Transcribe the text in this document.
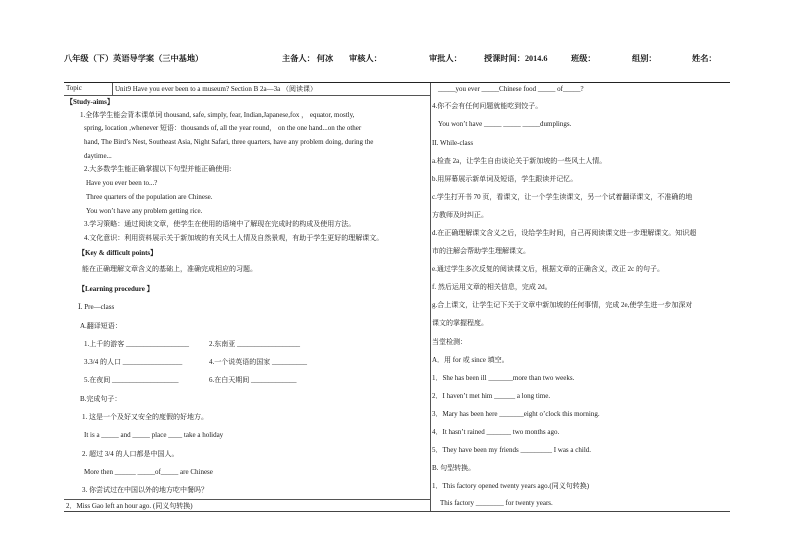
八年级（下）英语导学案（三中基地）	主备人： 何冰 审核人：	审批人：	授课时间：2014.6	班级：	组别：	姓名：
Topic	Unit9 Have you ever been to a museum? Section B 2a—3a （阅读课）
【Study-aims】
1.全体学生能会背本课单词 thousand, safe, simply, fear, Indian,Japanese,fox ， equator, mostly,
spring, location ,whenever 短语：thousands of, all the year round， on the one hand...on the other
hand, The Bird’s Nest, Southeast Asia, Night Safari, three quarters, have any problem doing, during the
daytime...
2.大多数学生能正确掌握以下句型并能正确使用:
Have you ever been to...?
Three quarters of the population are Chinese.
You won’t have any problem getting rice.
3.学习策略：通过阅读文章，使学生在使用的语境中了解现在完成时的构成及使用方法。
4.文化意识：利用资料展示关于新加坡的有关风土人情及自然景观，有助于学生更好的理解课文。
【Key & difficult points】
能在正确理解文章含义的基础上，准确完成相应的习题。
【Learning procedure 】
Ⅰ. Pre—class
A.翻译短语：
1.上千的游客 __________________	2.东南亚 __________________
3.3/4 的人口 _________________	4.一个说英语的国家 __________
5.在夜间 ___________________	6.在白天期间 _____________
B.完成句子：
1. 这是一个及好又安全的度假的好地方。
It is a _____ and _____ place ____ take a holiday
2. 超过 3/4 的人口都是中国人。
More then ______ _____of_____ are Chinese
3. 你尝试过在中国以外的地方吃中餐吗？
2．Miss Gao left an hour ago. (同义句转换)
_____you ever _____Chinese food _____ of_____?
4.你不会有任何问题就能吃到饺子。
You won’t have _____ _____ _____dumplings.
II. While-class
a.检查 2a，让学生自由谈论关于新加坡的一些风土人情。
b.用屏幕展示新单词及短语，学生跟读并记忆。
c.学生打开书 70 页，看课文，让一个学生读课文，另一个试着翻译课文，不准确的地
方教师及时纠正。
d.在正确理解课文含义之后，设给学生时间，自己再阅读课文进一步理解课文。知识超
市的注解会帮助学生理解课文。
e.通过学生多次反复的阅读课文后，根据文章的正确含义，改正 2c 的句子。
f. 然后运用文章的相关信息，完成 2d。
g.合上课文，让学生记下关于文章中新加坡的任何事情，完成 2e,使学生进一步加深对
课文的掌握程度。
当堂检测：
A．用 for 或 since 填空。
1．She has been ill _______more than two weeks.
2．I haven’t met him ______ a long time.
3．Mary has been here _______eight o’clock this morning.
4．It hasn’t rained _______ two months ago.
5．They have been my friends _________ I was a child.
B. 句型转换。
1．This factory opened twenty years ago.(同义句转换)
This factory ________ for twenty years.
